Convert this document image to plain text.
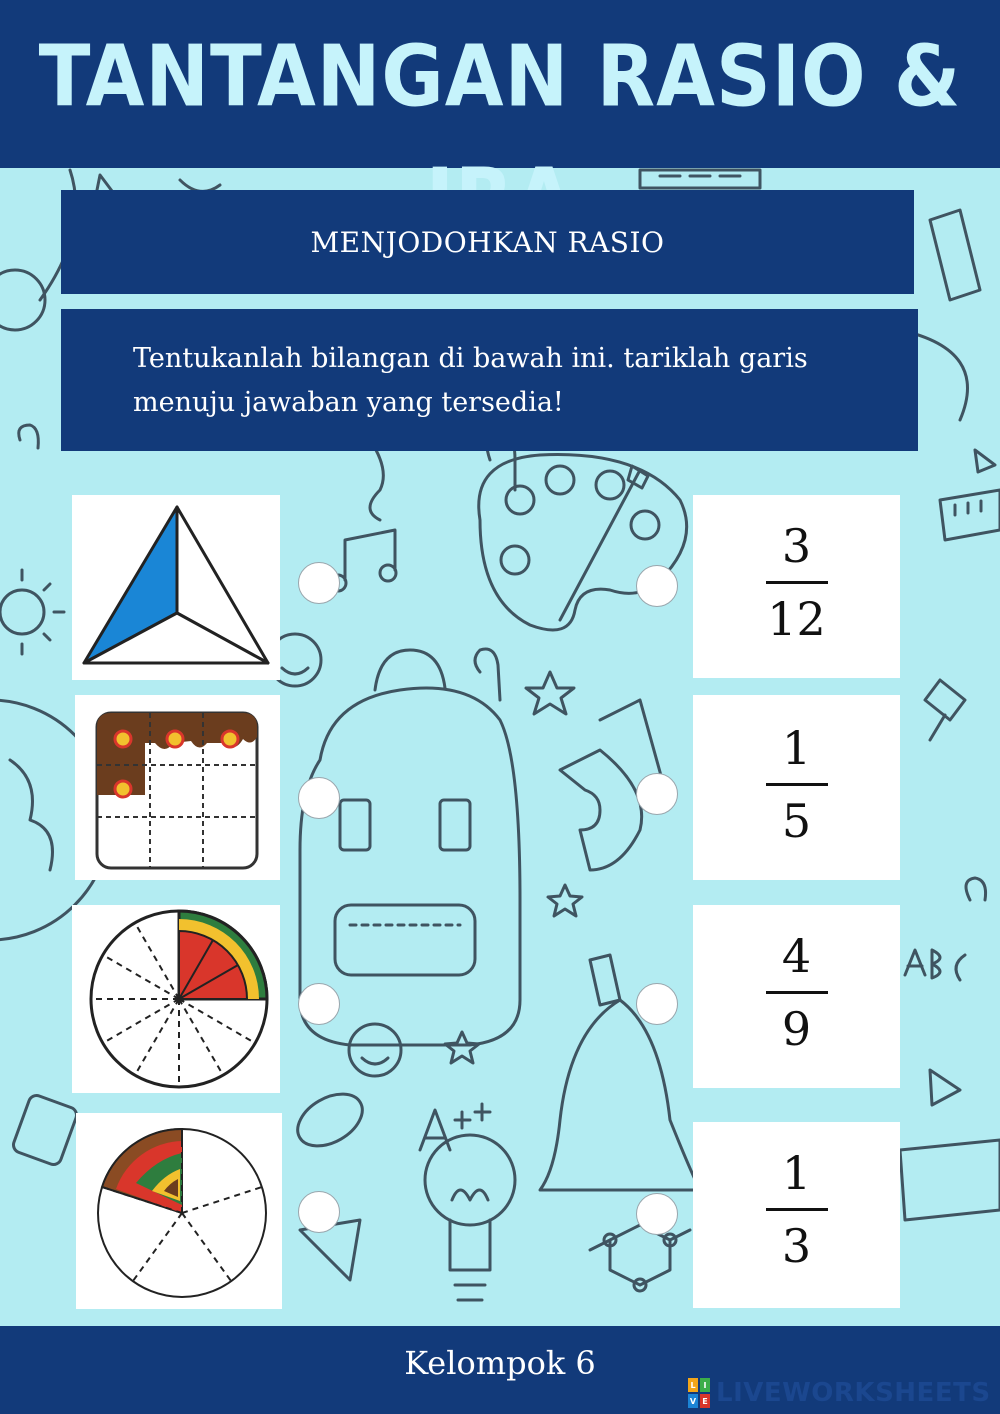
TANTANGAN RASIO &
MENJODOHKAN RASIO
Tentukanlah bilangan di bawah ini. tariklah garis menuju jawaban yang tersedia!
3
12
1
5
4
9
1
3
Kelompok 6
L I
V E LIVEWORKSHEETS
